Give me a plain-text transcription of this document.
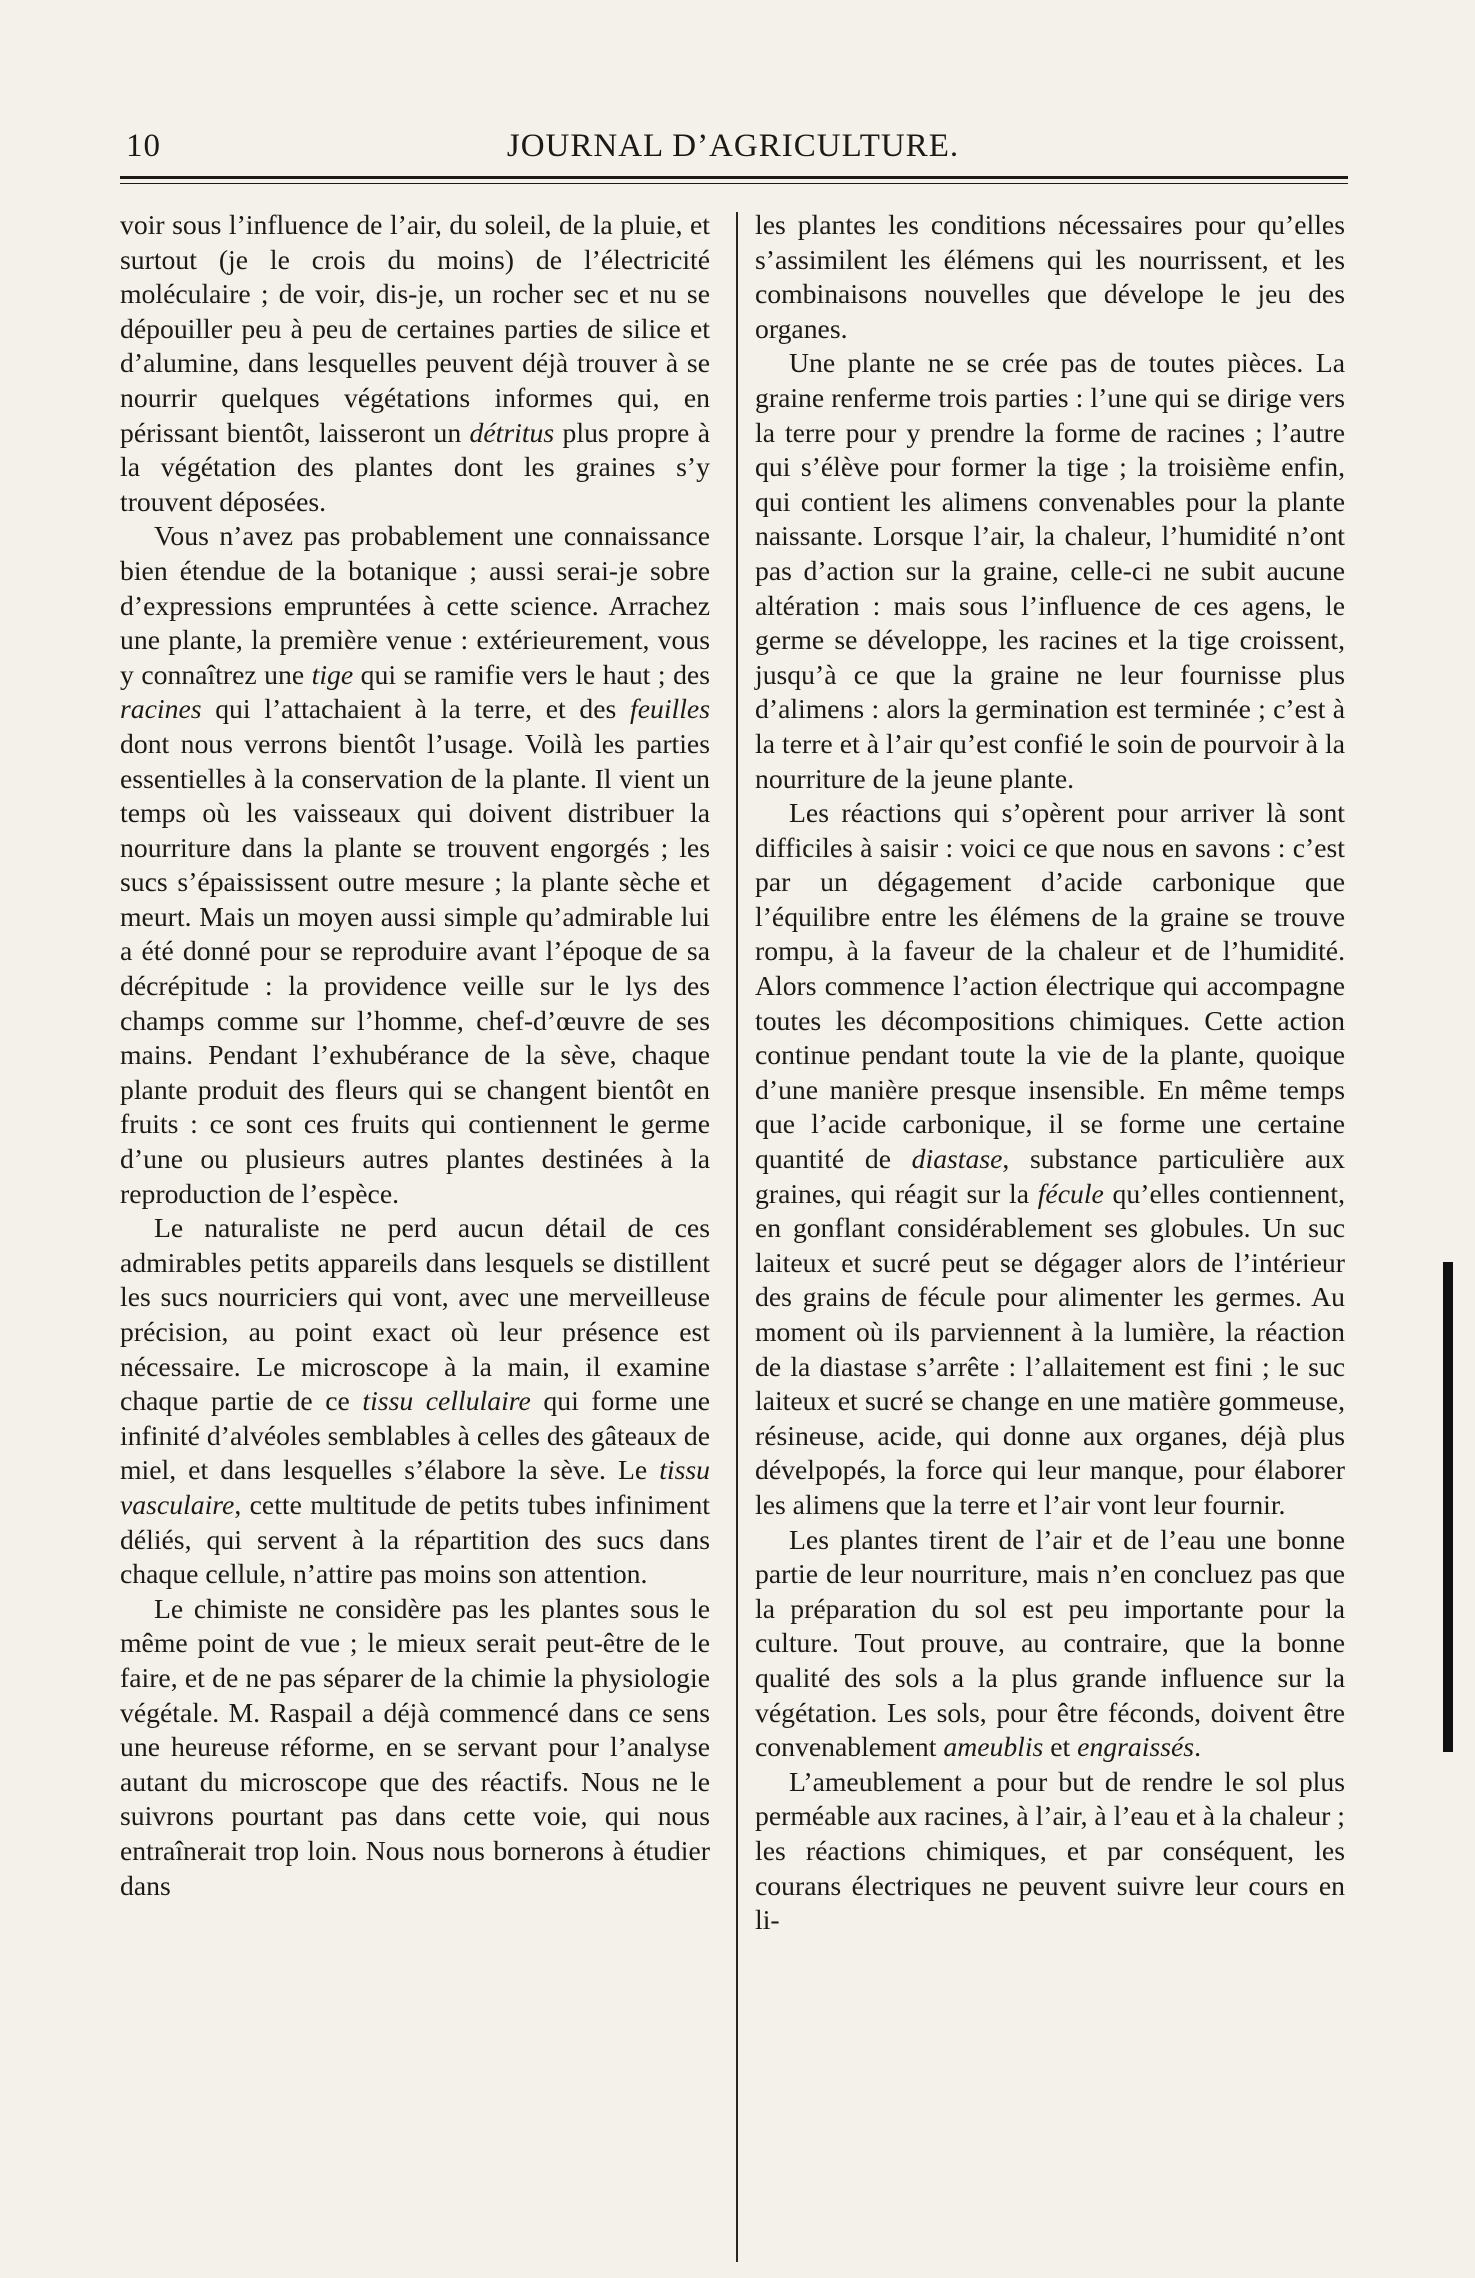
10	JOURNAL D’AGRICULTURE.

voir sous l’influence de l’air, du soleil, de la pluie, et surtout (je le crois du moins) de l’électricité moléculaire ; de voir, dis-je, un rocher sec et nu se dépouiller peu à peu de certaines parties de silice et d’alumine, dans lesquelles peuvent déjà trouver à se nourrir quelques végétations informes qui, en périssant bientôt, laisseront un détritus plus propre à la végétation des plantes dont les graines s’y trouvent déposées.

Vous n’avez pas probablement une connaissance bien étendue de la botanique ; aussi serai-je sobre d’expressions empruntées à cette science. Arrachez une plante, la première venue : extérieurement, vous y connaîtrez une tige qui se ramifie vers le haut ; des racines qui l’attachaient à la terre, et des feuilles dont nous verrons bientôt l’usage. Voilà les parties essentielles à la conservation de la plante. Il vient un temps où les vaisseaux qui doivent distribuer la nourriture dans la plante se trouvent engorgés ; les sucs s’épaississent outre mesure ; la plante sèche et meurt. Mais un moyen aussi simple qu’admirable lui a été donné pour se reproduire avant l’époque de sa décrépitude : la providence veille sur le lys des champs comme sur l’homme, chef-d’œuvre de ses mains. Pendant l’exhubérance de la sève, chaque plante produit des fleurs qui se changent bientôt en fruits : ce sont ces fruits qui contiennent le germe d’une ou plusieurs autres plantes destinées à la reproduction de l’espèce.

Le naturaliste ne perd aucun détail de ces admirables petits appareils dans lesquels se distillent les sucs nourriciers qui vont, avec une merveilleuse précision, au point exact où leur présence est nécessaire. Le microscope à la main, il examine chaque partie de ce tissu cellulaire qui forme une infinité d’alvéoles semblables à celles des gâteaux de miel, et dans lesquelles s’élabore la sève. Le tissu vasculaire, cette multitude de petits tubes infiniment déliés, qui servent à la répartition des sucs dans chaque cellule, n’attire pas moins son attention.

Le chimiste ne considère pas les plantes sous le même point de vue ; le mieux serait peut-être de le faire, et de ne pas séparer de la chimie la physiologie végétale. M. Raspail a déjà commencé dans ce sens une heureuse réforme, en se servant pour l’analyse autant du microscope que des réactifs. Nous ne le suivrons pourtant pas dans cette voie, qui nous entraînerait trop loin. Nous nous bornerons à étudier dans

les plantes les conditions nécessaires pour qu’elles s’assimilent les élémens qui les nourrissent, et les combinaisons nouvelles que dévelope le jeu des organes.

Une plante ne se crée pas de toutes pièces. La graine renferme trois parties : l’une qui se dirige vers la terre pour y prendre la forme de racines ; l’autre qui s’élève pour former la tige ; la troisième enfin, qui contient les alimens convenables pour la plante naissante. Lorsque l’air, la chaleur, l’humidité n’ont pas d’action sur la graine, celle-ci ne subit aucune altération : mais sous l’influence de ces agens, le germe se développe, les racines et la tige croissent, jusqu’à ce que la graine ne leur fournisse plus d’alimens : alors la germination est terminée ; c’est à la terre et à l’air qu’est confié le soin de pourvoir à la nourriture de la jeune plante.

Les réactions qui s’opèrent pour arriver là sont difficiles à saisir : voici ce que nous en savons : c’est par un dégagement d’acide carbonique que l’équilibre entre les élémens de la graine se trouve rompu, à la faveur de la chaleur et de l’humidité. Alors commence l’action électrique qui accompagne toutes les décompositions chimiques. Cette action continue pendant toute la vie de la plante, quoique d’une manière presque insensible. En même temps que l’acide carbonique, il se forme une certaine quantité de diastase, substance particulière aux graines, qui réagit sur la fécule qu’elles contiennent, en gonflant considérablement ses globules. Un suc laiteux et sucré peut se dégager alors de l’intérieur des grains de fécule pour alimenter les germes. Au moment où ils parviennent à la lumière, la réaction de la diastase s’arrête : l’allaitement est fini ; le suc laiteux et sucré se change en une matière gommeuse, résineuse, acide, qui donne aux organes, déjà plus dévelpopés, la force qui leur manque, pour élaborer les alimens que la terre et l’air vont leur fournir.

Les plantes tirent de l’air et de l’eau une bonne partie de leur nourriture, mais n’en concluez pas que la préparation du sol est peu importante pour la culture. Tout prouve, au contraire, que la bonne qualité des sols a la plus grande influence sur la végétation. Les sols, pour être féconds, doivent être convenablement ameublis et engraissés.

L’ameublement a pour but de rendre le sol plus perméable aux racines, à l’air, à l’eau et à la chaleur ; les réactions chimiques, et par conséquent, les courans électriques ne peuvent suivre leur cours en li-
